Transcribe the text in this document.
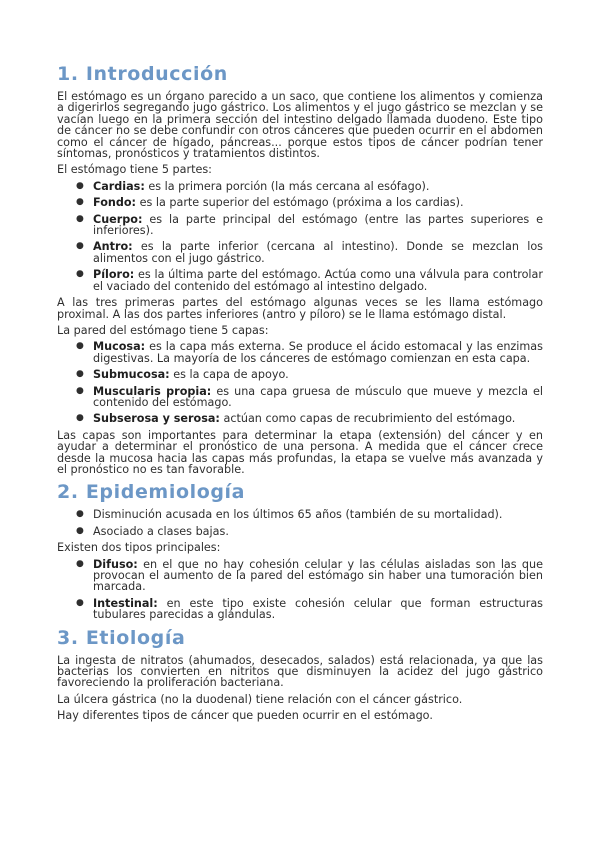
1. Introducción

El estómago es un órgano parecido a un saco, que contiene los alimentos y comienza a digerirlos segregando jugo gástrico. Los alimentos y el jugo gástrico se mezclan y se vacían luego en la primera sección del intestino delgado llamada duodeno. Este tipo de cáncer no se debe confundir con otros cánceres que pueden ocurrir en el abdomen como el cáncer de hígado, páncreas... porque estos tipos de cáncer podrían tener síntomas, pronósticos y tratamientos distintos.

El estómago tiene 5 partes:

● Cardias: es la primera porción (la más cercana al esófago).
● Fondo: es la parte superior del estómago (próxima a los cardias).
● Cuerpo: es la parte principal del estómago (entre las partes superiores e inferiores).
● Antro: es la parte inferior (cercana al intestino). Donde se mezclan los alimentos con el jugo gástrico.
● Píloro: es la última parte del estómago. Actúa como una válvula para controlar el vaciado del contenido del estómago al intestino delgado.

A las tres primeras partes del estómago algunas veces se les llama estómago proximal. A las dos partes inferiores (antro y píloro) se le llama estómago distal.

La pared del estómago tiene 5 capas:

● Mucosa: es la capa más externa. Se produce el ácido estomacal y las enzimas digestivas. La mayoría de los cánceres de estómago comienzan en esta capa.
● Submucosa: es la capa de apoyo.
● Muscularis propia: es una capa gruesa de músculo que mueve y mezcla el contenido del estómago.
● Subserosa y serosa: actúan como capas de recubrimiento del estómago.

Las capas son importantes para determinar la etapa (extensión) del cáncer y en ayudar a determinar el pronóstico de una persona. A medida que el cáncer crece desde la mucosa hacia las capas más profundas, la etapa se vuelve más avanzada y el pronóstico no es tan favorable.

2. Epidemiología
● Disminución acusada en los últimos 65 años (también de su mortalidad).
● Asociado a clases bajas.

Existen dos tipos principales:

● Difuso: en el que no hay cohesión celular y las células aisladas son las que provocan el aumento de la pared del estómago sin haber una tumoración bien marcada.
● Intestinal: en este tipo existe cohesión celular que forman estructuras tubulares parecidas a glándulas.
3. Etiología

La ingesta de nitratos (ahumados, desecados, salados) está relacionada, ya que las bacterias los convierten en nitritos que disminuyen la acidez del jugo gástrico favoreciendo la proliferación bacteriana.

La úlcera gástrica (no la duodenal) tiene relación con el cáncer gástrico.

Hay diferentes tipos de cáncer que pueden ocurrir en el estómago.
